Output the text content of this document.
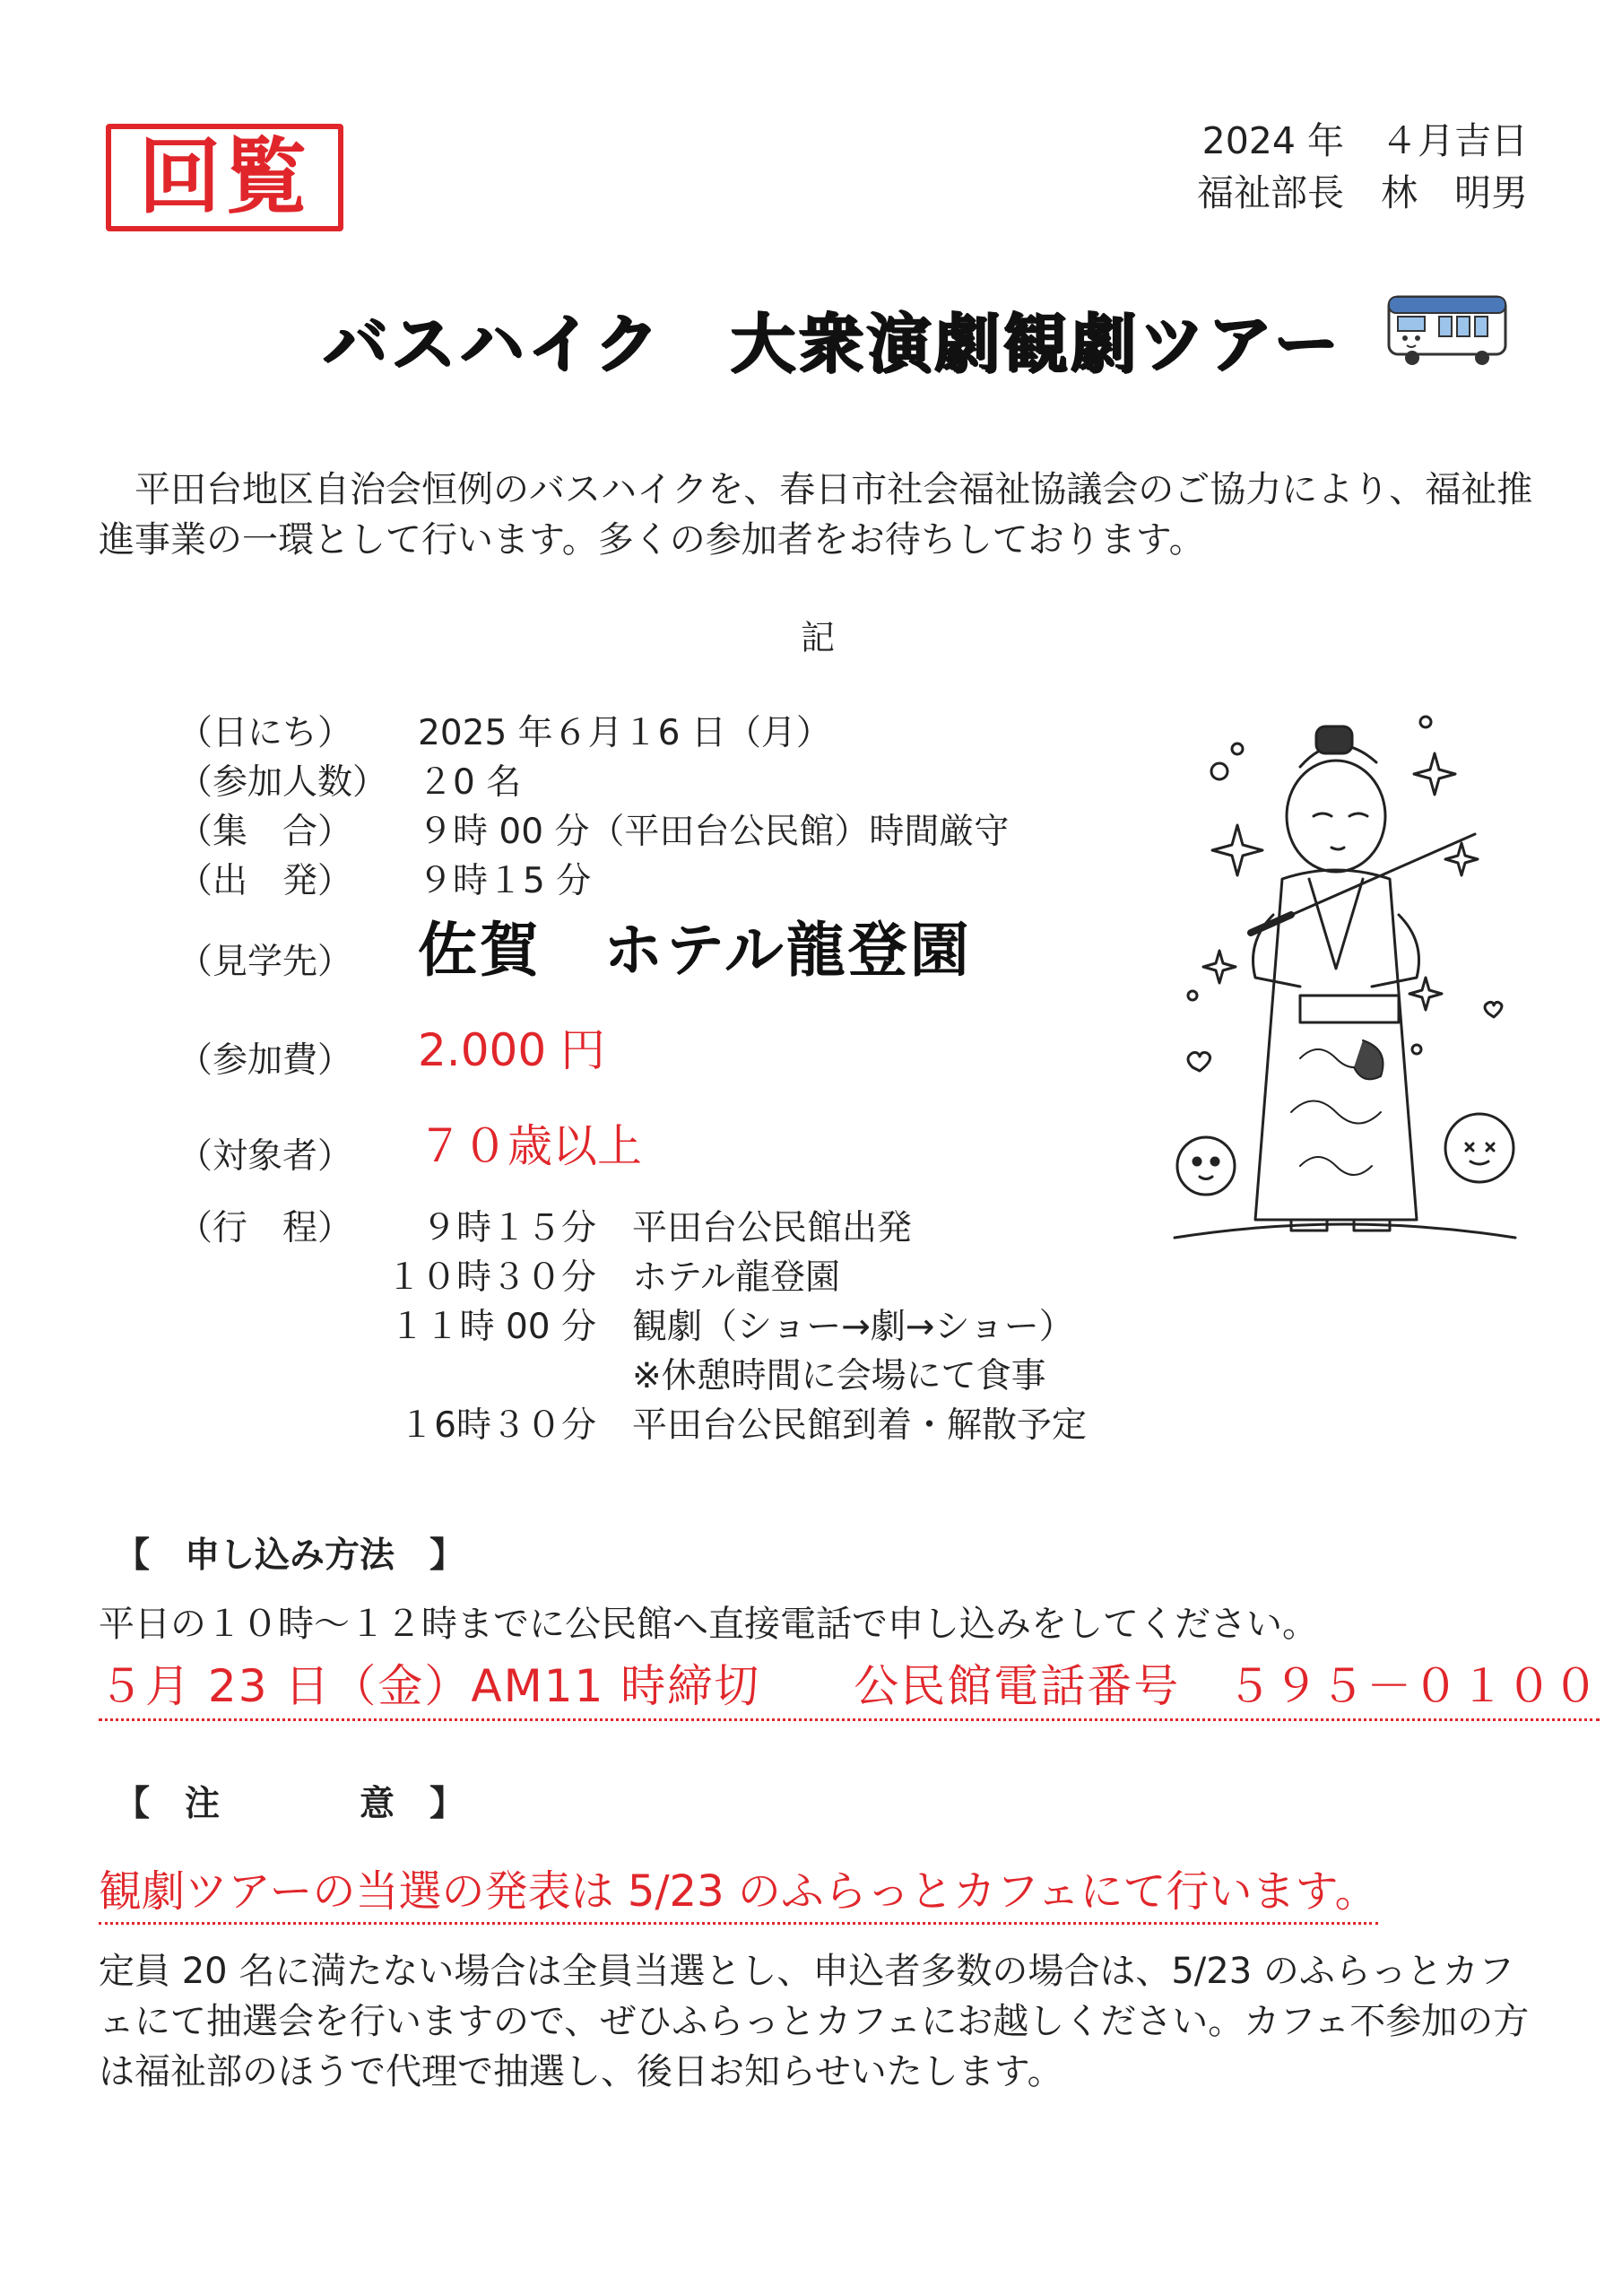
回覧	2024 年　４月吉日
福祉部長　林　明男
バスハイク　大衆演劇観劇ツアー
　平田台地区自治会恒例のバスハイクを、春日市社会福祉協議会のご協力により、福祉推
進事業の一環として行います。多くの参加者をお待ちしております。
記
（日にち） 2025 年６月１6 日（月）
（参加人数） ２0 名
（集　合） ９時 00 分（平田台公民館）時間厳守
（出　発） ９時１5 分
（見学先） 佐賀　ホテル龍登園
（参加費） 2.000 円
（対象者） ７０歳以上
（行　程）	９時１５分 平田台公民館出発
１０時３０分 ホテル龍登園
１１時 00 分 観劇（ショー→劇→ショー）
※休憩時間に会場にて食事
１6時３０分 平田台公民館到着・解散予定
【　申し込み方法　】
平日の１０時～１２時までに公民館へ直接電話で申し込みをしてください。
５月 23 日（金）AM11 時締切　　公民館電話番号　５９５－０１００
【　注　　　　意　】
観劇ツアーの当選の発表は 5/23 のふらっとカフェにて行います。
定員 20 名に満たない場合は全員当選とし、申込者多数の場合は、5/23 のふらっとカフ
ェにて抽選会を行いますので、ぜひふらっとカフェにお越しください。カフェ不参加の方
は福祉部のほうで代理で抽選し、後日お知らせいたします。
